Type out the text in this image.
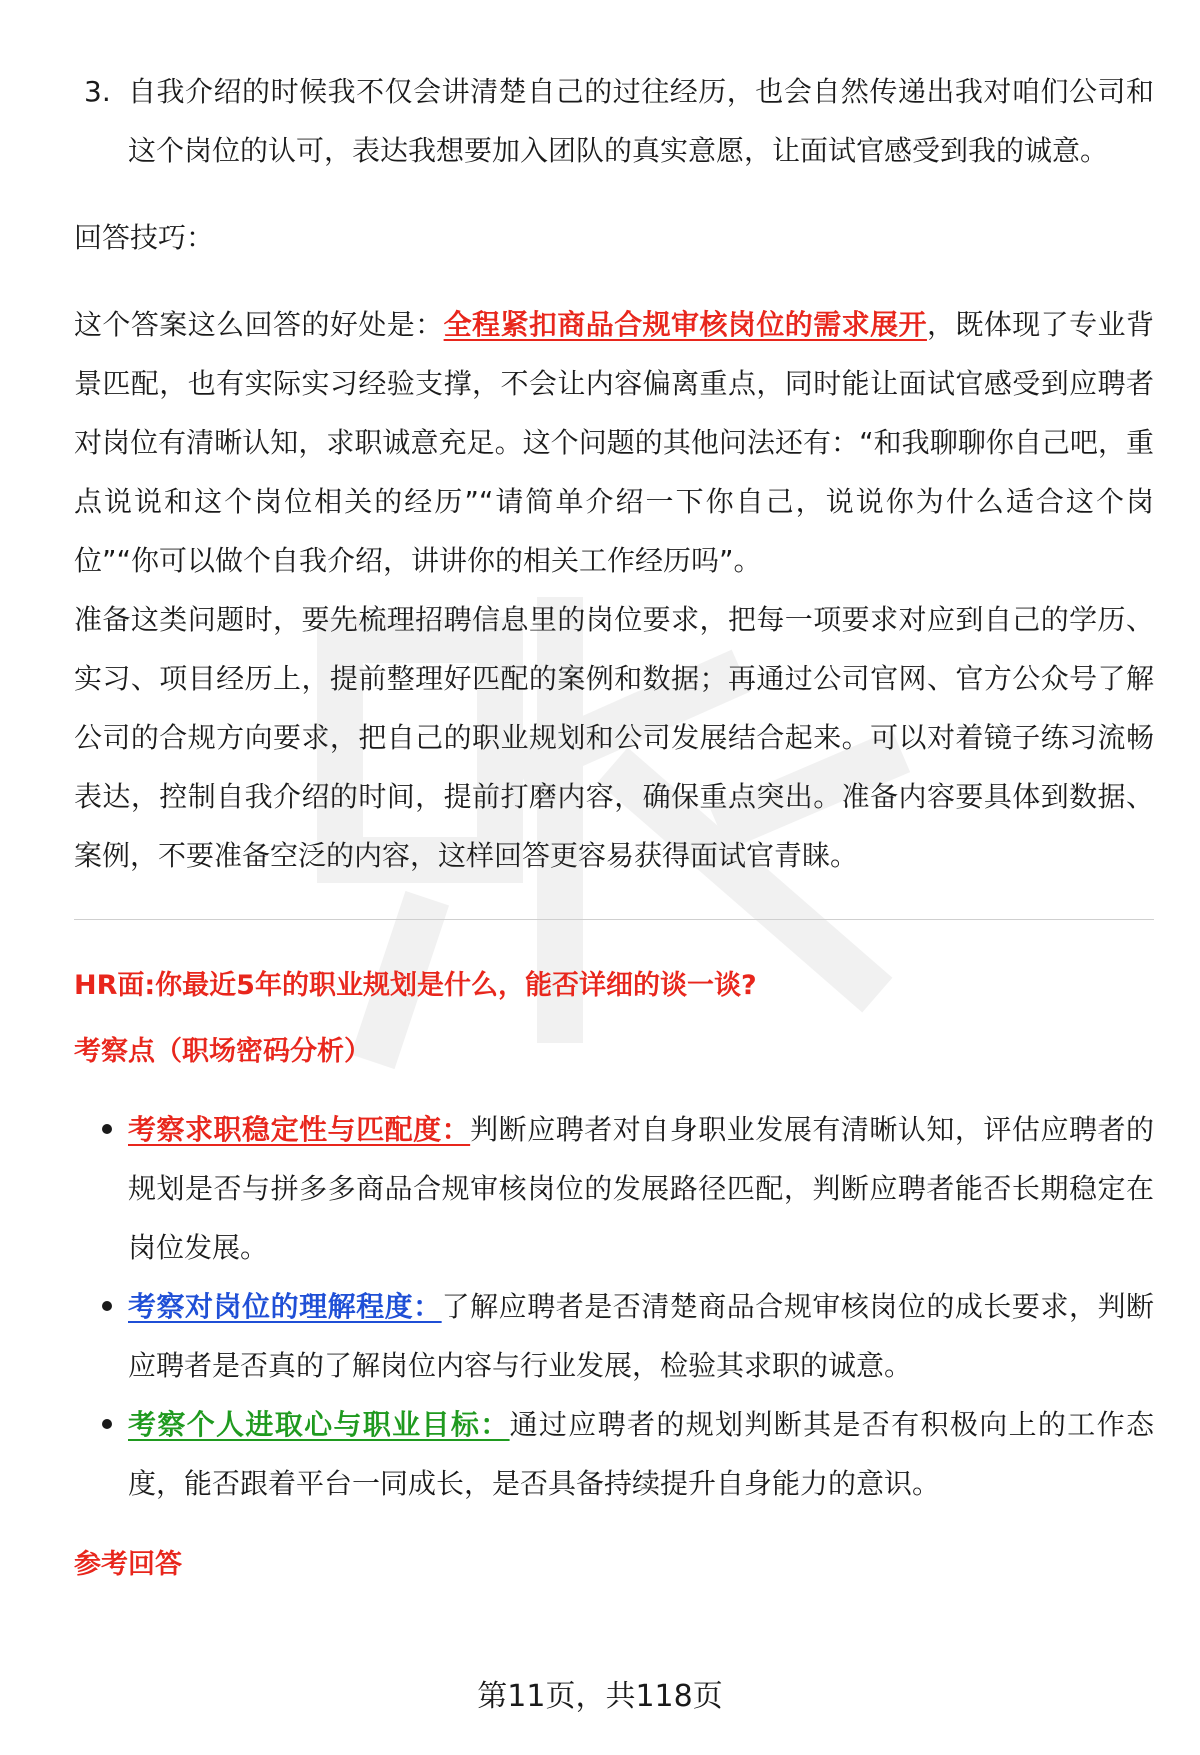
3. 自我介绍的时候我不仅会讲清楚自己的过往经历，也会自然传递出我对咱们公司和这个岗位的认可，表达我想要加入团队的真实意愿，让面试官感受到我的诚意。
回答技巧：
这个答案这么回答的好处是：全程紧扣商品合规审核岗位的需求展开，既体现了专业背景匹配，也有实际实习经验支撑，不会让内容偏离重点，同时能让面试官感受到应聘者对岗位有清晰认知，求职诚意充足。这个问题的其他问法还有：“和我聊聊你自己吧，重点说说和这个岗位相关的经历”“请简单介绍一下你自己，说说你为什么适合这个岗位”“你可以做个自我介绍，讲讲你的相关工作经历吗”。
准备这类问题时，要先梳理招聘信息里的岗位要求，把每一项要求对应到自己的学历、实习、项目经历上，提前整理好匹配的案例和数据；再通过公司官网、官方公众号了解公司的合规方向要求，把自己的职业规划和公司发展结合起来。可以对着镜子练习流畅表达，控制自我介绍的时间，提前打磨内容，确保重点突出。准备内容要具体到数据、案例，不要准备空泛的内容，这样回答更容易获得面试官青睐。
HR面:你最近5年的职业规划是什么，能否详细的谈一谈?
考察点（职场密码分析）
考察求职稳定性与匹配度：判断应聘者对自身职业发展有清晰认知，评估应聘者的规划是否与拼多多商品合规审核岗位的发展路径匹配，判断应聘者能否长期稳定在岗位发展。
考察对岗位的理解程度：了解应聘者是否清楚商品合规审核岗位的成长要求，判断应聘者是否真的了解岗位内容与行业发展，检验其求职的诚意。
考察个人进取心与职业目标：通过应聘者的规划判断其是否有积极向上的工作态度，能否跟着平台一同成长，是否具备持续提升自身能力的意识。
参考回答
第11页，共118页
